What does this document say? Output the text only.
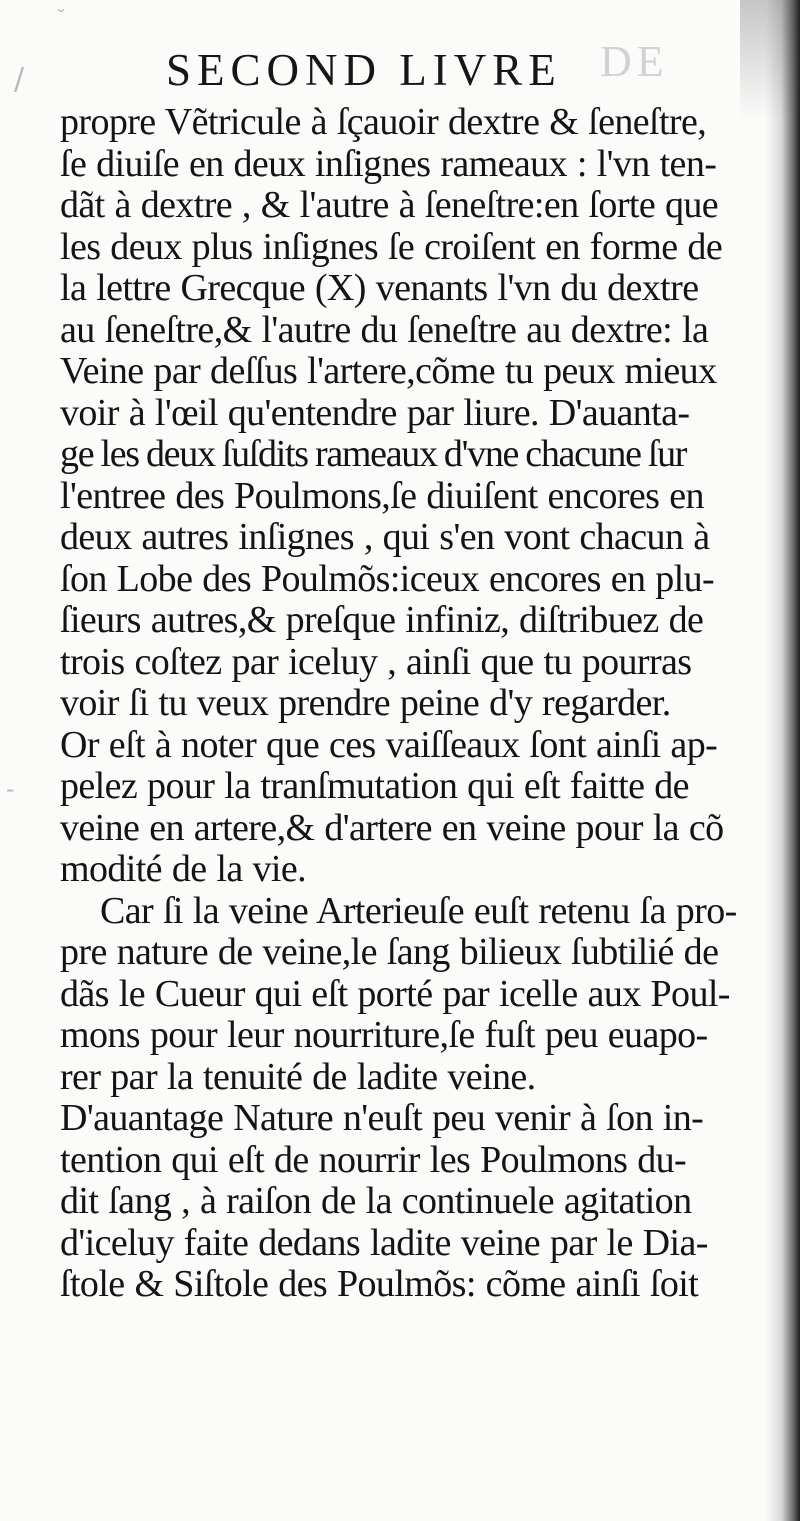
˘
/
-
DE
SECOND LIVRE
propre Vẽtricule à ſçauoir dextre & ſeneſtre,
ſe diuiſe en deux inſignes rameaux : l'vn ten-
dãt à dextre , & l'autre à ſeneſtre:en ſorte que
les deux plus inſignes ſe croiſent en forme de
la lettre Grecque (X) venants l'vn du dextre
au ſeneſtre,& l'autre du ſeneſtre au dextre: la
Veine par deſſus l'artere,cõme tu peux mieux
voir à l'œil qu'entendre par liure. D'auanta-
ge les deux ſuſdits rameaux d'vne chacune ſur
l'entree des Poulmons,ſe diuiſent encores en
deux autres inſignes , qui s'en vont chacun à
ſon Lobe des Poulmõs:iceux encores en plu-
ſieurs autres,& preſque infiniz, diſtribuez de
trois coſtez par iceluy , ainſi que tu pourras
voir ſi tu veux prendre peine d'y regarder.
Or eſt à noter que ces vaiſſeaux ſont ainſi ap-
pelez pour la tranſmutation qui eſt faitte de
veine en artere,& d'artere en veine pour la cõ
modité de la vie.
Car ſi la veine Arterieuſe euſt retenu ſa pro-
pre nature de veine,le ſang bilieux ſubtilié de
dãs le Cueur qui eſt porté par icelle aux Poul-
mons pour leur nourriture,ſe fuſt peu euapo-
rer par la tenuité de ladite veine.
D'auantage Nature n'euſt peu venir à ſon in-
tention qui eſt de nourrir les Poulmons du-
dit ſang , à raiſon de la continuele agitation
d'iceluy faite dedans ladite veine par le Dia-
ſtole & Siſtole des Poulmõs: cõme ainſi ſoit
